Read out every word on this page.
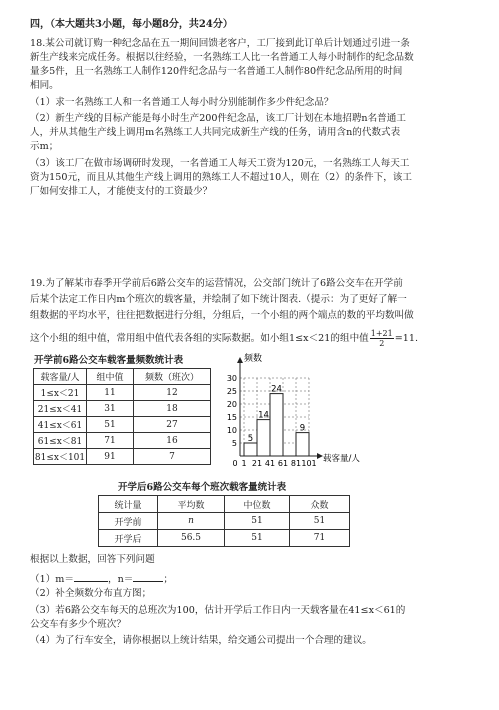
四，（本大题共3小题，每小题8分，共24分）
18.某公司就订购一种纪念品在五一期间回馈老客户，工厂接到此订单后计划通过引进一条
新生产线来完成任务。根据以往经验，一名熟练工人比一名普通工人每小时制作的纪念品数
量多5件，且一名熟练工人制作120件纪念品与一名普通工人制作80件纪念品所用的时间
相同。
（1）求一名熟练工人和一名普通工人每小时分别能制作多少件纪念品？
（2）新生产线的目标产能是每小时生产200件纪念品，该工厂计划在本地招聘n名普通工
人，并从其他生产线上调用m名熟练工人共同完成新生产线的任务，请用含n的代数式表
示m；
（3）该工厂在做市场调研时发现，一名普通工人每天工资为120元，一名熟练工人每天工
资为150元，而且从其他生产线上调用的熟练工人不超过10人，则在（2）的条件下，该工
厂如何安排工人，才能使支付的工资最少？
19.为了解某市春季开学前后6路公交车的运营情况，公交部门统计了6路公交车在开学前
后某个法定工作日内m个班次的载客量，并绘制了如下统计图表.（提示：为了更好了解一
组数据的平均水平，往往把数据进行分组，分组后，一个小组的两个端点的数的平均数叫做
这个小组的组中值，常用组中值代表各组的实际数据。如小组1≤x＜21的组中值 $\frac{1+21}{2} =11$.
开学前6路公交车载客量频数统计表
载客量/人	组中值	频数（班次）
1≤x＜21	11	12
21≤x＜41	31	18
41≤x＜61	51	27
61≤x＜81	71	16
81≤x＜101	91	7
5
14
24
9
频数
载客量/人
5
10
15
20
25
30
0 1 21 41 61 81 101
开学后6路公交车每个班次载客量统计表
统计量	平均数	中位数	众数
开学前	n	51	51
开学后	56.5	51	71
根据以上数据，回答下列问题
（1）m＝	，n＝	；
（2）补全频数分布直方图；
（3）若6路公交车每天的总班次为100，估计开学后工作日内一天载客量在41≤x＜61的
公交车有多少个班次？
（4）为了行车安全，请你根据以上统计结果，给交通公司提出一个合理的建议。
